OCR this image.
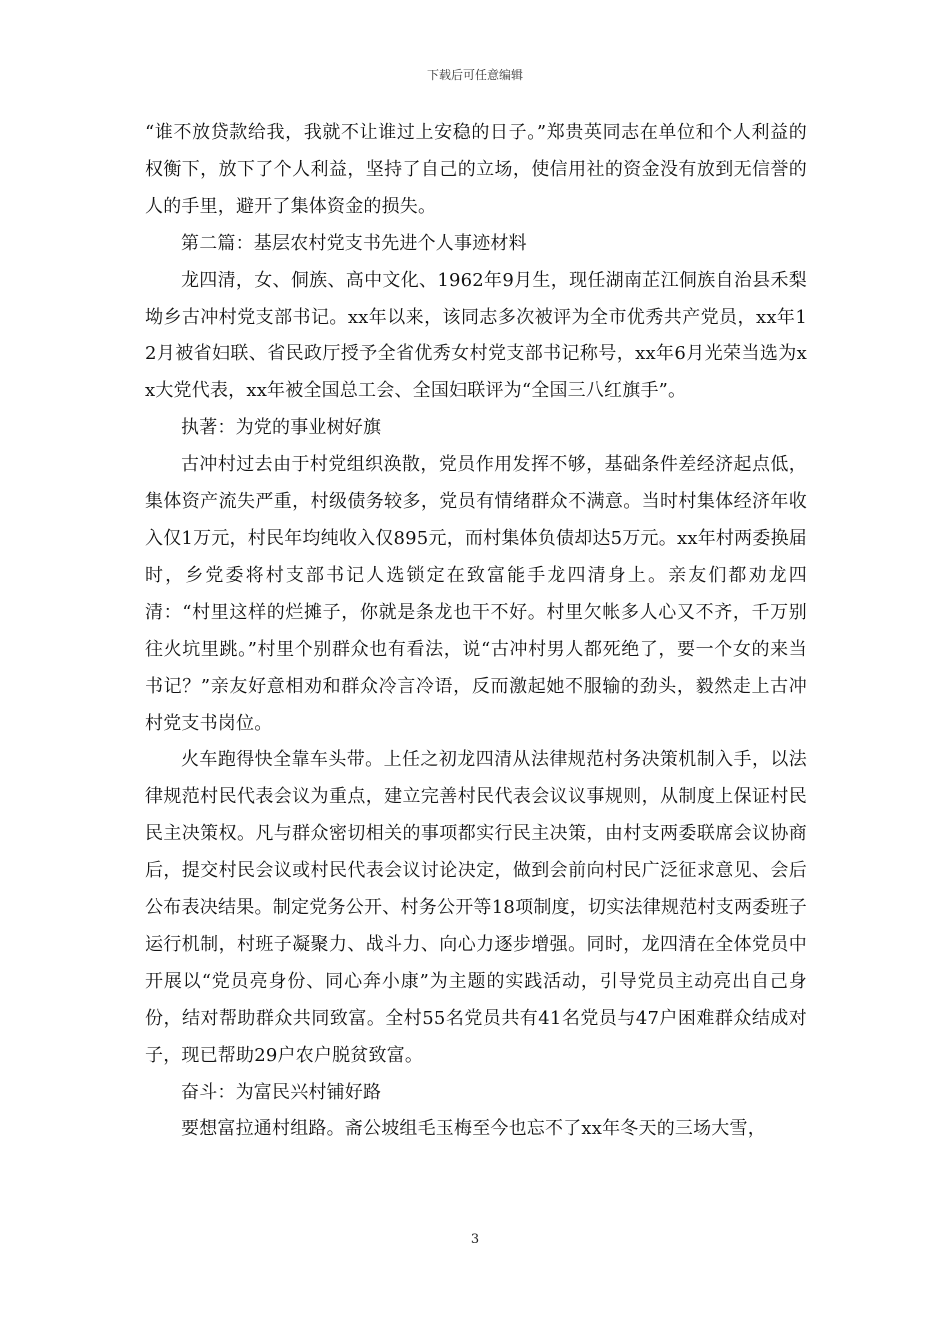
下载后可任意编辑

“谁不放贷款给我，我就不让谁过上安稳的日子。”郑贵英同志在单位和个人利益的权衡下，放下了个人利益，坚持了自己的立场，使信用社的资金没有放到无信誉的人的手里，避开了集体资金的损失。

第二篇：基层农村党支书先进个人事迹材料

龙四清，女、侗族、高中文化、1962年9月生，现任湖南芷江侗族自治县禾梨坳乡古冲村党支部书记。xx年以来，该同志多次被评为全市优秀共产党员，xx年12月被省妇联、省民政厅授予全省优秀女村党支部书记称号，xx年6月光荣当选为xx大党代表，xx年被全国总工会、全国妇联评为“全国三八红旗手”。

执著：为党的事业树好旗

古冲村过去由于村党组织涣散，党员作用发挥不够，基础条件差经济起点低，集体资产流失严重，村级债务较多，党员有情绪群众不满意。当时村集体经济年收入仅1万元，村民年均纯收入仅895元，而村集体负债却达5万元。xx年村两委换届时，乡党委将村支部书记人选锁定在致富能手龙四清身上。亲友们都劝龙四清：“村里这样的烂摊子，你就是条龙也干不好。村里欠帐多人心又不齐，千万别往火坑里跳。”村里个别群众也有看法，说“古冲村男人都死绝了，要一个女的来当书记？”亲友好意相劝和群众冷言冷语，反而激起她不服输的劲头，毅然走上古冲村党支书岗位。

火车跑得快全靠车头带。上任之初龙四清从法律规范村务决策机制入手，以法律规范村民代表会议为重点，建立完善村民代表会议议事规则，从制度上保证村民民主决策权。凡与群众密切相关的事项都实行民主决策，由村支两委联席会议协商后，提交村民会议或村民代表会议讨论决定，做到会前向村民广泛征求意见、会后公布表决结果。制定党务公开、村务公开等18项制度，切实法律规范村支两委班子运行机制，村班子凝聚力、战斗力、向心力逐步增强。同时，龙四清在全体党员中开展以“党员亮身份、同心奔小康”为主题的实践活动，引导党员主动亮出自己身份，结对帮助群众共同致富。全村55名党员共有41名党员与47户困难群众结成对子，现已帮助29户农户脱贫致富。

奋斗：为富民兴村铺好路

要想富拉通村组路。斋公坡组毛玉梅至今也忘不了xx年冬天的三场大雪，

3
